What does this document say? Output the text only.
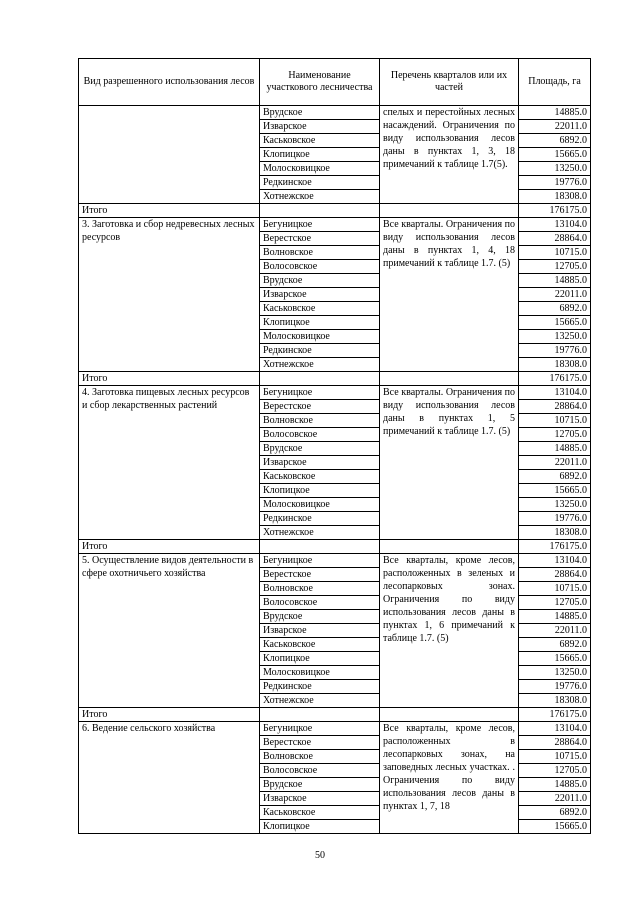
Вид разрешенного использования лесов	Наименование участкового лесничества	Перечень кварталов или их частей	Площадь, га
	Врудское	спелых и перестойных лесных насаждений. Ограничения по виду использования лесов даны в пунктах 1, 3, 18 примечаний к таблице 1.7(5).	14885.0
	Изварское		22011.0
	Каськовское		6892.0
	Клопицкое		15665.0
	Молосковицкое		13250.0
	Редкинское		19776.0
	Хотнежское		18308.0
Итого			176175.0
3. Заготовка и сбор недревесных лесных ресурсов	Бегуницкое	Все кварталы. Ограничения по виду использования лесов даны в пунктах 1, 4, 18 примечаний к таблице 1.7. (5)	13104.0
	Верестское		28864.0
	Волновское		10715.0
	Волосовское		12705.0
	Врудское		14885.0
	Изварское		22011.0
	Каськовское		6892.0
	Клопицкое		15665.0
	Молосковицкое		13250.0
	Редкинское		19776.0
	Хотнежское		18308.0
Итого			176175.0
4. Заготовка пищевых лесных ресурсов и сбор лекарственных растений	Бегуницкое	Все кварталы. Ограничения по виду использования лесов даны в пунктах 1, 5 примечаний к таблице 1.7. (5)	13104.0
	Верестское		28864.0
	Волновское		10715.0
	Волосовское		12705.0
	Врудское		14885.0
	Изварское		22011.0
	Каськовское		6892.0
	Клопицкое		15665.0
	Молосковицкое		13250.0
	Редкинское		19776.0
	Хотнежское		18308.0
Итого			176175.0
5. Осуществление видов деятельности в сфере охотничьего хозяйства	Бегуницкое	Все кварталы, кроме лесов, расположенных в зеленых и лесопарковых зонах. Ограничения по виду использования лесов даны в пунктах 1, 6 примечаний к таблице 1.7. (5)	13104.0
	Верестское		28864.0
	Волновское		10715.0
	Волосовское		12705.0
	Врудское		14885.0
	Изварское		22011.0
	Каськовское		6892.0
	Клопицкое		15665.0
	Молосковицкое		13250.0
	Редкинское		19776.0
	Хотнежское		18308.0
Итого			176175.0
6. Ведение сельского хозяйства	Бегуницкое	Все кварталы, кроме лесов, расположенных в лесопарковых зонах, на заповедных лесных участках. . Ограничения по виду использования лесов даны в пунктах 1, 7, 18	13104.0
	Верестское		28864.0
	Волновское		10715.0
	Волосовское		12705.0
	Врудское		14885.0
	Изварское		22011.0
	Каськовское		6892.0
	Клопицкое		15665.0
50
